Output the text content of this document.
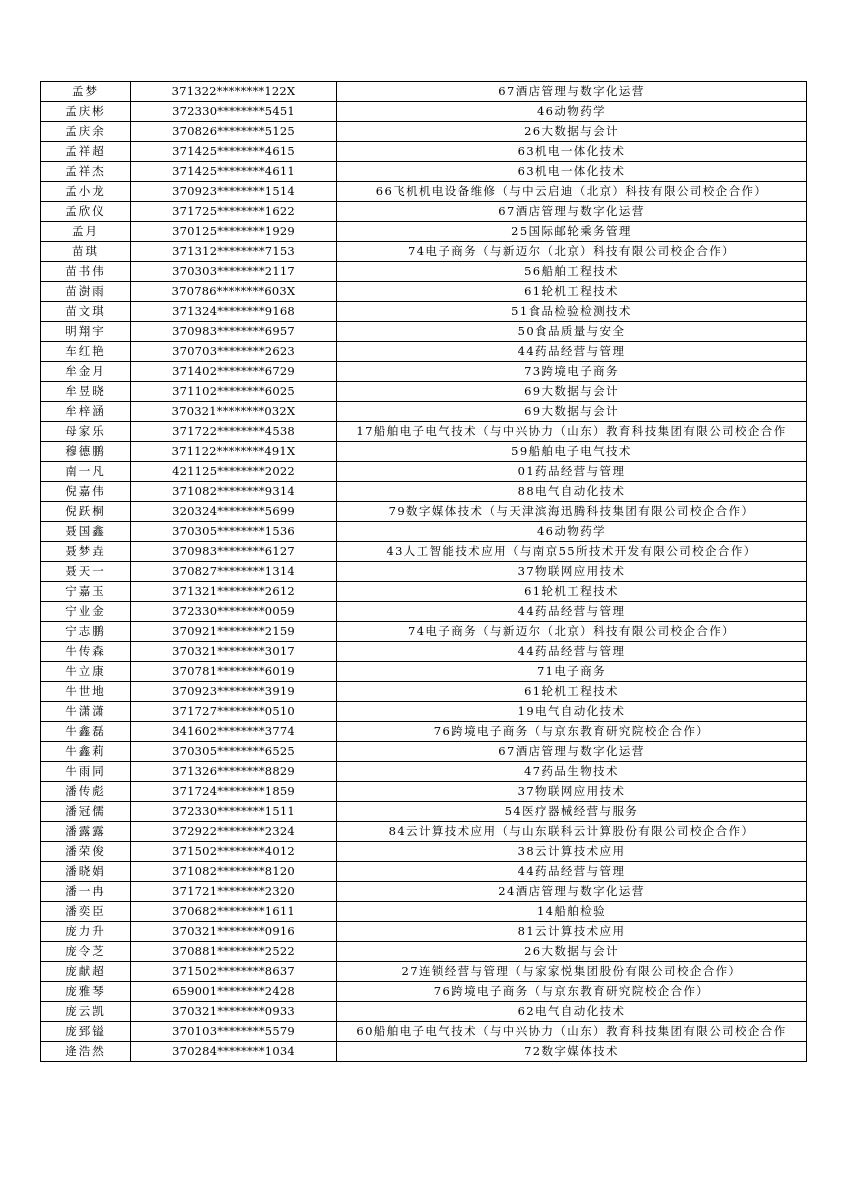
孟梦	371322********122X	67酒店管理与数字化运营
孟庆彬	372330********5451	46动物药学
孟庆余	370826********5125	26大数据与会计
孟祥超	371425********4615	63机电一体化技术
孟祥杰	371425********4611	63机电一体化技术
孟小龙	370923********1514	66飞机机电设备维修（与中云启迪（北京）科技有限公司校企合作）
孟欣仪	371725********1622	67酒店管理与数字化运营
孟月	370125********1929	25国际邮轮乘务管理
苗琪	371312********7153	74电子商务（与新迈尔（北京）科技有限公司校企合作）
苗书伟	370303********2117	56船舶工程技术
苗澍雨	370786********603X	61轮机工程技术
苗文琪	371324********9168	51食品检验检测技术
明翔宇	370983********6957	50食品质量与安全
车红艳	370703********2623	44药品经营与管理
牟金月	371402********6729	73跨境电子商务
牟昱晓	371102********6025	69大数据与会计
牟梓涵	370321********032X	69大数据与会计
母家乐	371722********4538	17船舶电子电气技术（与中兴协力（山东）教育科技集团有限公司校企合作
穆德鹏	371122********491X	59船舶电子电气技术
南一凡	421125********2022	01药品经营与管理
倪嘉伟	371082********9314	88电气自动化技术
倪跃桐	320324********5699	79数字媒体技术（与天津滨海迅腾科技集团有限公司校企合作）
聂国鑫	370305********1536	46动物药学
聂梦垚	370983********6127	43人工智能技术应用（与南京55所技术开发有限公司校企合作）
聂天一	370827********1314	37物联网应用技术
宁嘉玉	371321********2612	61轮机工程技术
宁业金	372330********0059	44药品经营与管理
宁志鹏	370921********2159	74电子商务（与新迈尔（北京）科技有限公司校企合作）
牛传森	370321********3017	44药品经营与管理
牛立康	370781********6019	71电子商务
牛世地	370923********3919	61轮机工程技术
牛潇潇	371727********0510	19电气自动化技术
牛鑫磊	341602********3774	76跨境电子商务（与京东教育研究院校企合作）
牛鑫莉	370305********6525	67酒店管理与数字化运营
牛雨同	371326********8829	47药品生物技术
潘传彪	371724********1859	37物联网应用技术
潘冠儒	372330********1511	54医疗器械经营与服务
潘露露	372922********2324	84云计算技术应用（与山东联科云计算股份有限公司校企合作）
潘荣俊	371502********4012	38云计算技术应用
潘晓娟	371082********8120	44药品经营与管理
潘一冉	371721********2320	24酒店管理与数字化运营
潘奕臣	370682********1611	14船舶检验
庞力升	370321********0916	81云计算技术应用
庞令芝	370881********2522	26大数据与会计
庞献超	371502********8637	27连锁经营与管理（与家家悦集团股份有限公司校企合作）
庞雅琴	659001********2428	76跨境电子商务（与京东教育研究院校企合作）
庞云凯	370321********0933	62电气自动化技术
庞郅镒	370103********5579	60船舶电子电气技术（与中兴协力（山东）教育科技集团有限公司校企合作
逄浩然	370284********1034	72数字媒体技术
